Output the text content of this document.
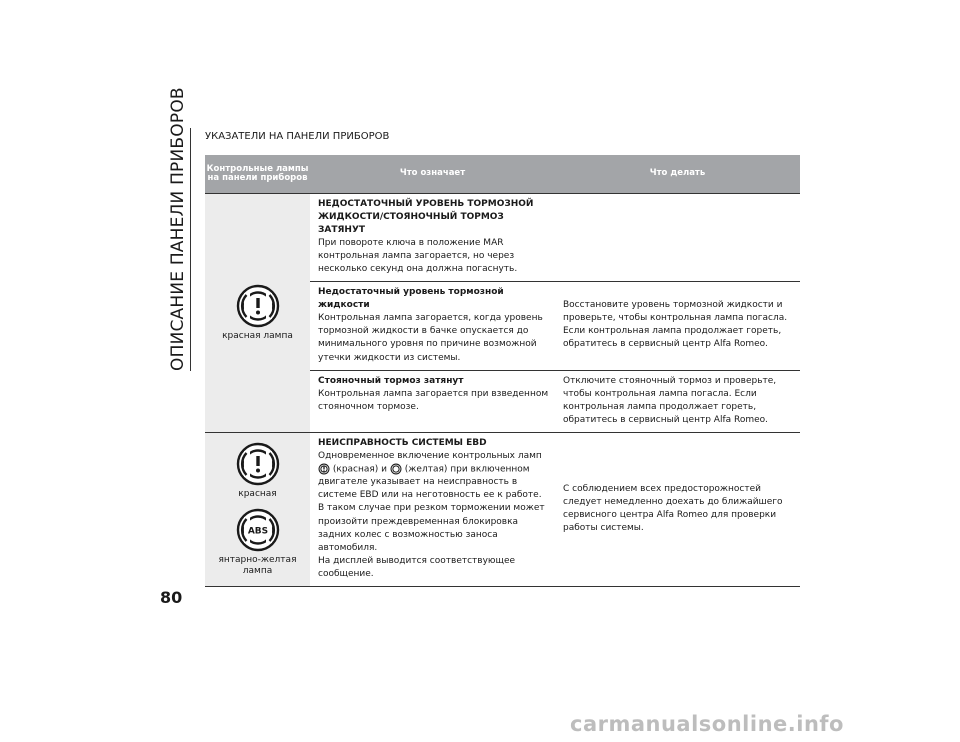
ОПИСАНИЕ ПАНЕЛИ ПРИБОРОВ УКАЗАТЕЛИ НА ПАНЕЛИ ПРИБОРОВ
Контрольные лампы на панели приборов	Что означает	Что делать
красная лампа
НЕДОСТАТОЧНЫЙ УРОВЕНЬ ТОРМОЗНОЙ ЖИДКОСТИ/СТОЯНОЧНЫЙ ТОРМОЗ ЗАТЯНУТ
При повороте ключа в положение MAR контрольная лампа загорается, но через несколько секунд она должна погаснуть.
Недостаточный уровень тормозной жидкости
Контрольная лампа загорается, когда уровень тормозной жидкости в бачке опускается до минимального уровня по причине возможной утечки жидкости из системы.
Восстановите уровень тормозной жидкости и проверьте, чтобы контрольная лампа погасла. Если контрольная лампа продолжает гореть, обратитесь в сервисный центр Alfa Romeo.
Стояночный тормоз затянут
Контрольная лампа загорается при взведенном стояночном тормозе.
Отключите стояночный тормоз и проверьте, чтобы контрольная лампа погасла. Если контрольная лампа продолжает гореть, обратитесь в сервисный центр Alfa Romeo.
красная
ABS
янтарно-желтая лампа
НЕИСПРАВНОСТЬ СИСТЕМЫ EBD
Одновременное включение контрольных ламп
(красная) и (желтая) при включенном двигателе указывает на неисправность в системе EBD или на неготовность ее к работе. В таком случае при резком торможении может произойти преждевременная блокировка задних колес с возможностью заноса автомобиля.
На дисплей выводится соответствующее сообщение.
С соблюдением всех предосторожностей следует немедленно доехать до ближайшего сервисного центра Alfa Romeo для проверки работы системы.
80
carmanualsonline.info
